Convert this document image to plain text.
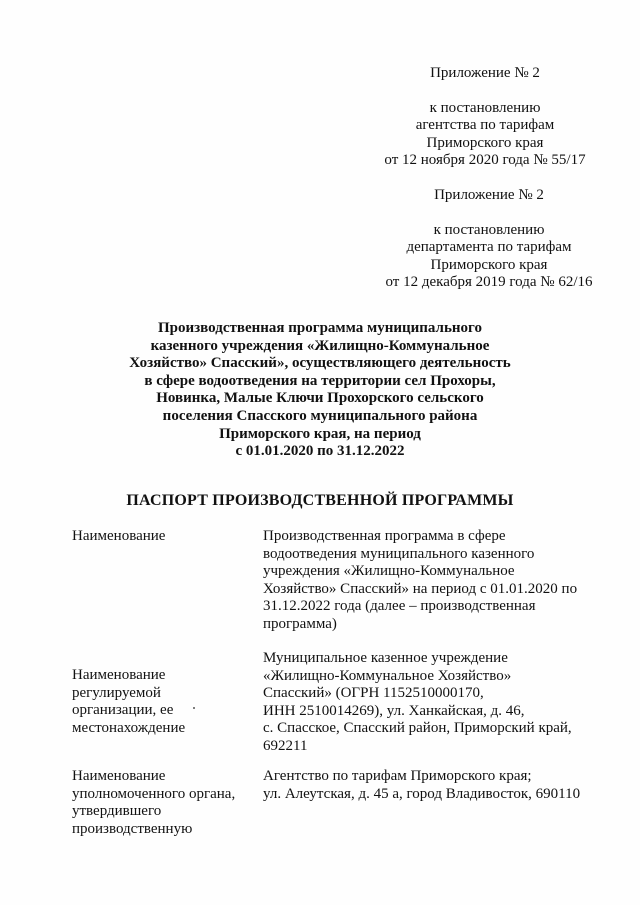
Приложение № 2
к постановлению
агентства по тарифам
Приморского края
от 12 ноября 2020 года № 55/17
Приложение № 2
к постановлению
департамента по тарифам
Приморского края
от 12 декабря 2019 года № 62/16
Производственная программа муниципального
казенного учреждения «Жилищно-Коммунальное
Хозяйство» Спасский», осуществляющего деятельность
в сфере водоотведения на территории сел Прохоры,
Новинка, Малые Ключи Прохорского сельского
поселения Спасского муниципального района
Приморского края, на период
с 01.01.2020 по 31.12.2022
ПАСПОРТ ПРОИЗВОДСТВЕННОЙ ПРОГРАММЫ
Наименование	Производственная программа в сфере
водоотведения муниципального казенного
учреждения «Жилищно-Коммунальное
Хозяйство» Спасский» на период с 01.01.2020 по
31.12.2022 года (далее – производственная
программа)
Наименование
регулируемой
организации, ее
местонахождение
Муниципальное казенное учреждение
«Жилищно-Коммунальное Хозяйство»
Спасский» (ОГРН 1152510000170,
ИНН 2510014269), ул. Ханкайская, д. 46,
с. Спасское, Спасский район, Приморский край,
692211
Наименование
уполномоченного органа,
утвердившего
производственную
Агентство по тарифам Приморского края;
ул. Алеутская, д. 45 а, город Владивосток, 690110
